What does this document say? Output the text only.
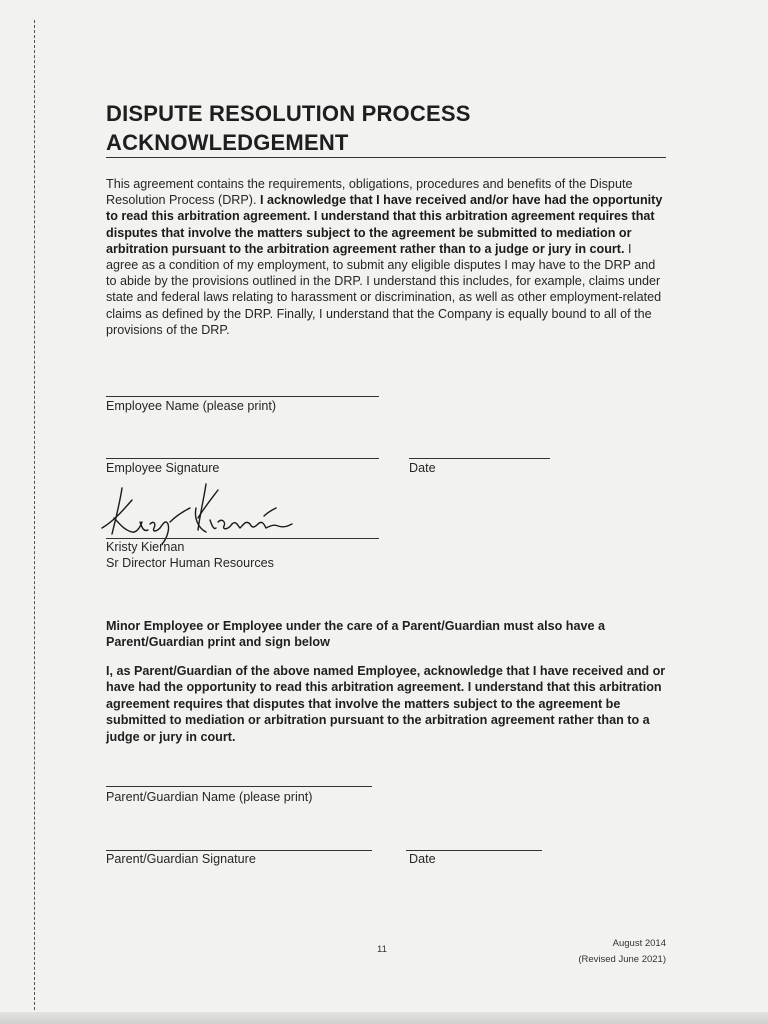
DISPUTE RESOLUTION PROCESS
ACKNOWLEDGEMENT

This agreement contains the requirements, obligations, procedures and benefits of the Dispute Resolution Process (DRP). I acknowledge that I have received and/or have had the opportunity to read this arbitration agreement. I understand that this arbitration agreement requires that disputes that involve the matters subject to the agreement be submitted to mediation or arbitration pursuant to the arbitration agreement rather than to a judge or jury in court. I agree as a condition of my employment, to submit any eligible disputes I may have to the DRP and to abide by the provisions outlined in the DRP. I understand this includes, for example, claims under state and federal laws relating to harassment or discrimination, as well as other employment-related claims as defined by the DRP. Finally, I understand that the Company is equally bound to all of the provisions of the DRP.

Employee Name (please print)

Employee Signature	Date

Kristy Kiernan

Sr Director Human Resources

Minor Employee or Employee under the care of a Parent/Guardian must also have a Parent/Guardian print and sign below

I, as Parent/Guardian of the above named Employee, acknowledge that I have received and or have had the opportunity to read this arbitration agreement. I understand that this arbitration agreement requires that disputes that involve the matters subject to the agreement be submitted to mediation or arbitration pursuant to the arbitration agreement rather than to a judge or jury in court.

Parent/Guardian Name (please print)

Parent/Guardian Signature	Date

11

August 2014

(Revised June 2021)
